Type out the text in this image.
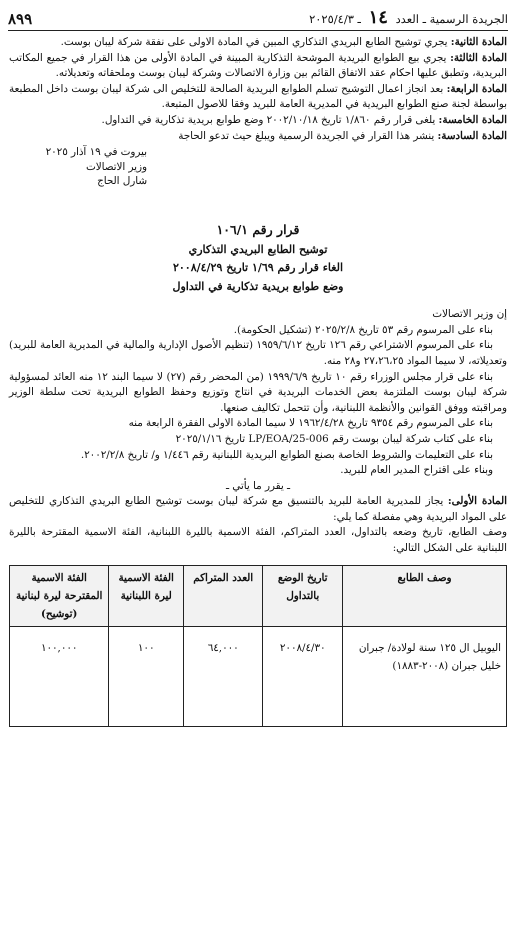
الجريدة الرسمية ـ العدد ١٤ ـ ٢٠٢٥/٤/٣
٨٩٩

المادة الثانية: يجري توشيح الطابع البريدي التذكاري المبين في المادة الاولى على نفقة شركة ليبان بوست.

المادة الثالثة: يجري بيع الطوابع البريدية الموشحة التذكارية المبينة في المادة الأولى من هذا القرار في جميع المكاتب البريدية، وتطبق عليها احكام عقد الاتفاق القائم بين وزارة الاتصالات وشركة ليبان بوست وملحقاته وتعديلاته.

المادة الرابعة: بعد انجاز اعمال التوشيح تسلم الطوابع البريدية الصالحة للتخليص الى شركة ليبان بوست داخل المطبعة بواسطة لجنة صنع الطوابع البريدية في المديرية العامة للبريد وفقا للاصول المتبعة.

المادة الخامسة: يلغى قرار رقم ١/٨٦٠ تاريخ ٢٠٠٢/١٠/١٨ وضع طوابع بريدية تذكارية في التداول.

المادة السادسة: ينشر هذا القرار في الجريدة الرسمية ويبلغ حيث تدعو الحاجة

بيروت في ١٩ آذار ٢٠٢٥

وزير الاتصالات

شارل الحاج

قرار رقم ١٠٦/١
توشيح الطابع البريدي التذكاري
الغاء قرار رقم ١/٦٩ تاريخ ٢٠٠٨/٤/٢٩
وضع طوابع بريدية تذكارية في التداول

إن وزير الاتصالات

بناء على المرسوم رقم ٥٣ تاريخ ٢٠٢٥/٢/٨ (تشكيل الحكومة).

بناء على المرسوم الاشتراعي رقم ١٢٦ تاريخ ١٩٥٩/٦/١٢ (تنظيم الأصول الإدارية والمالية في المديرية العامة للبريد) وتعديلاته، لا سيما المواد ٢٧،٢٦،٢٥ و٢٨ منه.

بناء على قرار مجلس الوزراء رقم ١٠ تاريخ ١٩٩٩/٦/٩ (من المحضر رقم (٢٧) لا سيما البند ١٢ منه العائد لمسؤولية شركة ليبان بوست الملتزمة بعض الخدمات البريدية في انتاج وتوزيع وحفظ الطوابع البريدية تحت سلطة الوزير ومراقبته ووفق القوانين والأنظمة اللبنانية، وأن تتحمل تكاليف صنعها.

بناء على المرسوم رقم ٩٣٥٤ تاريخ ١٩٦٢/٤/٢٨ لا سيما المادة الاولى الفقرة الرابعة منه

بناء على كتاب شركة ليبان بوست رقم LP/EOA/25-006 تاريخ ٢٠٢٥/١/١٦

بناء على التعليمات والشروط الخاصة بصنع الطوابع البريدية اللبنانية رقم ١/٤٤٦ و/ تاريخ ٢٠٠٢/٢/٨.

وبناء على اقتراح المدير العام للبريد.

ـ يقرر ما يأتي ـ

المادة الأولى: يجاز للمديرية العامة للبريد بالتنسيق مع شركة ليبان بوست توشيح الطابع البريدي التذكاري للتخليص على المواد البريدية وهي مفصلة كما يلي:

وصف الطابع، تاريخ وضعه بالتداول، العدد المتراكم، الفئة الاسمية بالليرة اللبنانية، الفئة الاسمية المقترحة بالليرة اللبنانية على الشكل التالي:

وصف الطابع	تاريخ الوضع بالتداول	العدد المتراكم	الفئة الاسمية ليرة اللبنانية	الفئة الاسمية المقترحة ليرة لبنانية (توشيح)
اليوبيل ال ١٢٥ سنة لولادة/ جبران خليل جبران (٢٠٠٨-١٨٨٣)	٢٠٠٨/٤/٣٠	٦٤,٠٠٠	١٠٠	١٠٠,٠٠٠
